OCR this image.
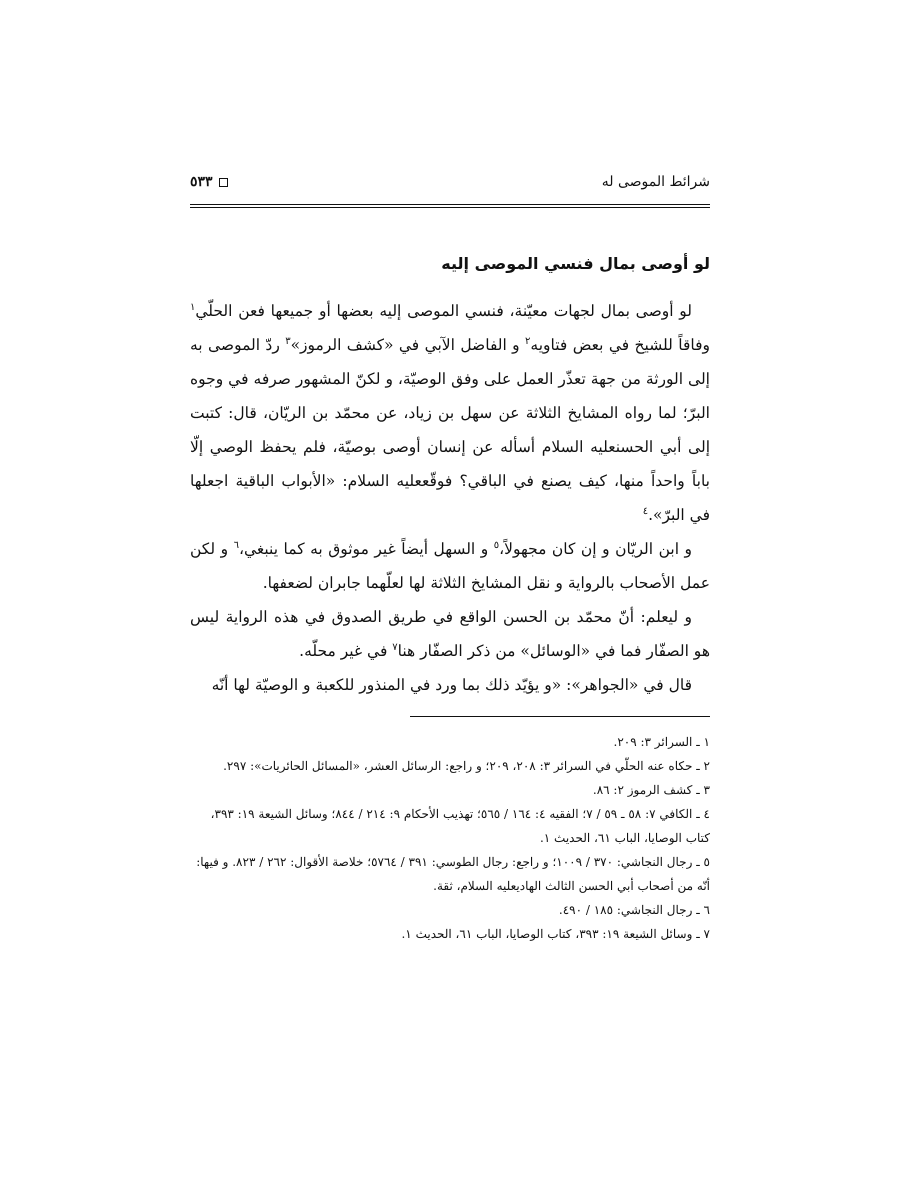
شرائط الموصى له
٥٣٣
لو أوصى بمال فنسي الموصى إليه

لو أوصى بمال لجهات معيّنة، فنسي الموصى إليه بعضها أو جميعها فعن الحلّي$^١$ وفاقاً للشيخ في بعض فتاويه$^٢$ و الفاضل الآبي في «كشف الرموز»$^٣$ ردّ الموصى به إلى الورثة من جهة تعذّر العمل على وفق الوصيّة، و لكنّ المشهور صرفه في وجوه البرّ؛ لما رواه المشايخ الثلاثة عن سهل بن زياد، عن محمّد بن الريّان، قال: كتبت إلى أبي الحسنعليه السلام أسأله عن إنسان أوصى بوصيّة، فلم يحفظ الوصي إلّا باباً واحداً منها، كيف يصنع في الباقي؟ فوقّععليه السلام: «الأبواب الباقية اجعلها في البرّ».$^٤$

و ابن الريّان و إن كان مجهولاً،$^٥$ و السهل أيضاً غير موثوق به كما ينبغي،$^٦$ و لكن عمل الأصحاب بالرواية و نقل المشايخ الثلاثة لها لعلّهما جابران لضعفها.

و ليعلم: أنّ محمّد بن الحسن الواقع في طريق الصدوق في هذه الرواية ليس هو الصفّار فما في «الوسائل» من ذكر الصفّار هنا$^٧$ في غير محلّه.

قال في «الجواهر»: «و يؤيّد ذلك بما ورد في المنذور للكعبة و الوصيّة لها أنّه

١ ـ السرائر ٣: ٢٠٩.

٢ ـ حكاه عنه الحلّي في السرائر ٣: ٢٠٨، ٢٠٩؛ و راجع: الرسائل العشر، «المسائل الحائريات»: ٢٩٧.

٣ ـ كشف الرموز ٢: ٨٦.

٤ ـ الكافي ٧: ٥٨ ـ ٥٩ / ٧؛ الفقيه ٤: ١٦٤ / ٥٦٥؛ تهذيب الأحكام ٩: ٢١٤ / ٨٤٤؛ وسائل الشيعة ١٩: ٣٩٣، كتاب الوصايا، الباب ٦١، الحديث ١.

٥ ـ رجال النجاشي: ٣٧٠ / ١٠٠٩؛ و راجع: رجال الطوسي: ٣٩١ / ٥٧٦٤؛ خلاصة الأقوال: ٢٦٢ / ٨٢٣. و فيها: أنّه من أصحاب أبي الحسن الثالث الهاديعليه السلام، ثقة.

٦ ـ رجال النجاشي: ١٨٥ / ٤٩٠.

٧ ـ وسائل الشيعة ١٩: ٣٩٣، كتاب الوصايا، الباب ٦١، الحديث ١.
